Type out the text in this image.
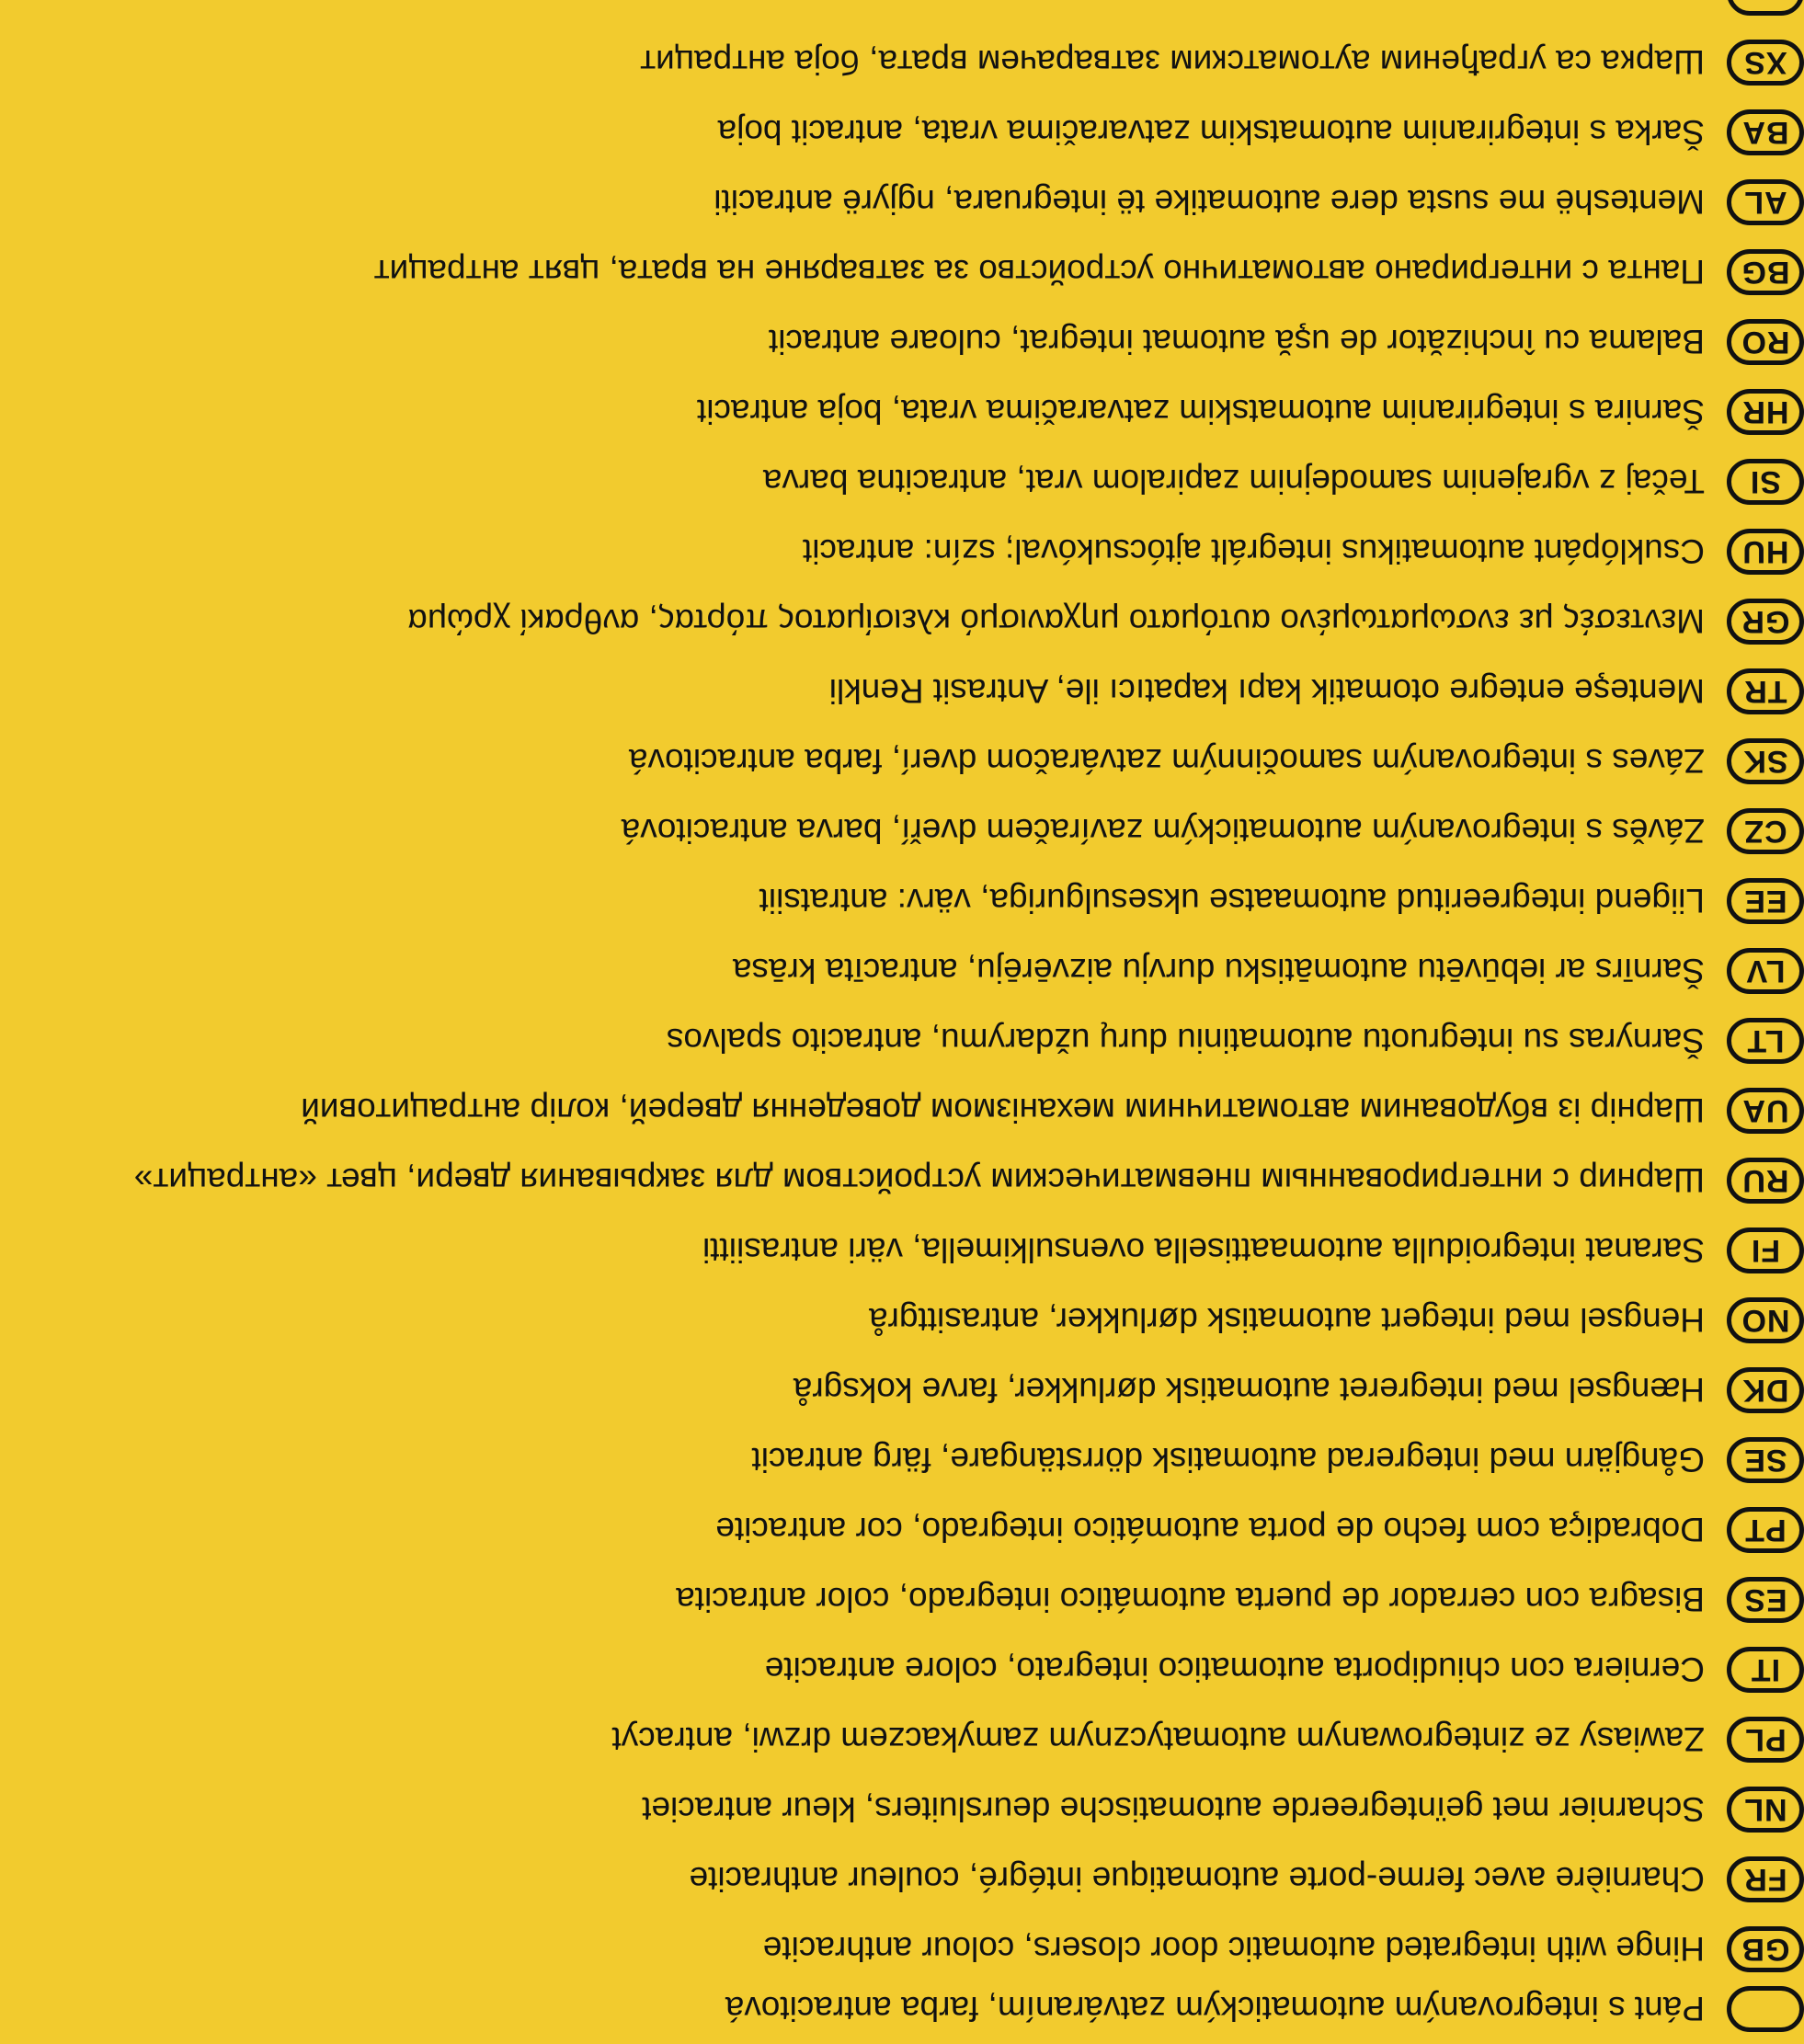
Pánt s integrovaným automatickým zatváraním, farba antracitová
GB
Hinge with integrated automatic door closers, colour anthracite
FR
Charnière avec ferme-porte automatique intégré, couleur anthracite
NL
Scharnier met geïntegreerde automatische deursluiters, kleur antraciet
PL
Zawiasy ze zintegrowanym automatycznym zamykaczem drzwi, antracyt
IT
Cerniera con chiudiporta automatico integrato, colore antracite
ES
Bisagra con cerrador de puerta automático integrado, color antracita
PT
Dobradiça com fecho de porta automático integrado, cor antracite
SE
Gångjärn med integrerad automatisk dörrstängare, färg antracit
DK
Hængsel med integreret automatisk dørlukker, farve koksgrå
NO
Hengsel med integert automatisk dørlukker, antrasittgrå
FI
Saranat integroidulla automaattisella ovensulkimella, väri antrasiitti
RU
Шарнир с интегрированным пневматическим устройством для закрывания двери, цвет «антрацит»
UA
Шарнір із вбудованим автоматичним механізмом доведення дверей, колір антрацитовий
LT
Šarnyras su integruotu automatiniu durų uždarymu, antracito spalvos
LV
Šarnīrs ar iebūvētu automātisku durvju aizvērēju, antracīta krāsa
EE
Liigend integreeritud automaatse uksesulguriga, värv: antratsiit
CZ
Závěs s integrovaným automatickým zavíračem dveří, barva antracitová
SK
Záves s integrovaným samočinným zatváračom dverí, farba antracitová
TR
Menteşe entegre otomatik kapı kapatıcı ile, Antrasit Renkli
GR
Μεντεσές με ενσωματωμένο αυτόματο μηχανισμό κλεισίματος πόρτας, ανθρακί χρώμα
HU
Csuklópánt automatikus integrált ajtócsukóval; szín: antracit
SI
Tečaj z vgrajenim samodejnim zapiralom vrat, antracitna barva
HR
Šarnira s integriranim automatskim zatvaračima vrata, boja antracit
RO
Balama cu închizător de uşă automat integrat, culoare antracit
BG
Панта с интегрирано автоматично устройство за затваряне на врата, цвят антрацит
AL
Menteshë me susta dere automatike të integruara, ngjyrë antraciti
BA
Šarka s integriranim automatskim zatvaračima vrata, antracit boja
XS
Шарка са уграђеним аутоматским затварачем врата, боја антрацит
